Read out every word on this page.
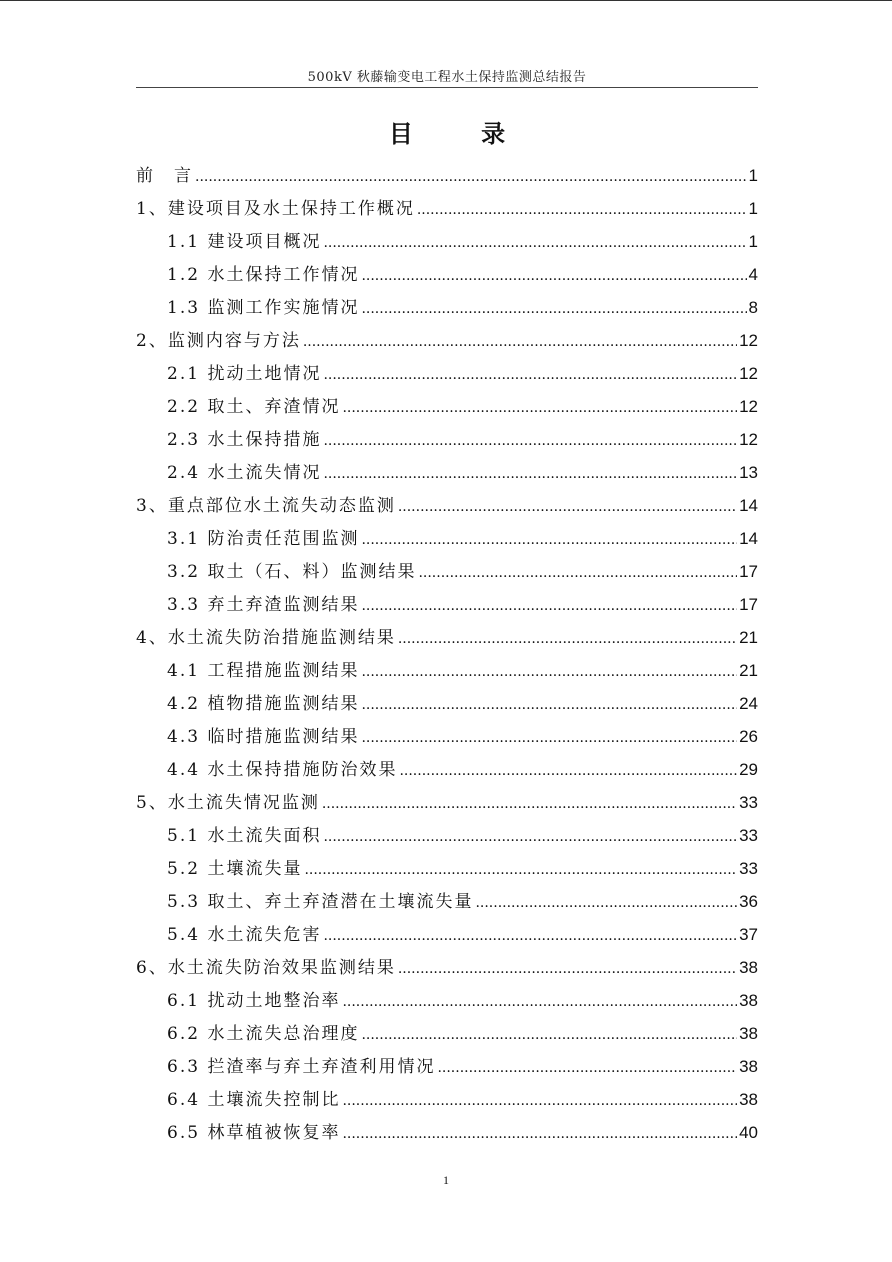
500kV 秋藤输变电工程水土保持监测总结报告
目 录
前　言 .....	1
1、建设项目及水土保持工作概况 .....	1
1.1 建设项目概况 .....	1
1.2 水土保持工作情况 .....	4
1.3 监测工作实施情况 .....	8
2、监测内容与方法 .....	12
2.1 扰动土地情况 .....	12
2.2 取土、弃渣情况 .....	12
2.3 水土保持措施 .....	12
2.4 水土流失情况 .....	13
3、重点部位水土流失动态监测 .....	14
3.1 防治责任范围监测 .....	14
3.2 取土（石、料）监测结果 .....	17
3.3 弃土弃渣监测结果 .....	17
4、水土流失防治措施监测结果 .....	21
4.1 工程措施监测结果 .....	21
4.2 植物措施监测结果 .....	24
4.3 临时措施监测结果 .....	26
4.4 水土保持措施防治效果 .....	29
5、水土流失情况监测 .....	33
5.1 水土流失面积 .....	33
5.2 土壤流失量 .....	33
5.3 取土、弃土弃渣潜在土壤流失量 .....	36
5.4 水土流失危害 .....	37
6、水土流失防治效果监测结果 .....	38
6.1 扰动土地整治率 .....	38
6.2 水土流失总治理度 .....	38
6.3 拦渣率与弃土弃渣利用情况 .....	38
6.4 土壤流失控制比 .....	38
6.5 林草植被恢复率 .....	40
1
